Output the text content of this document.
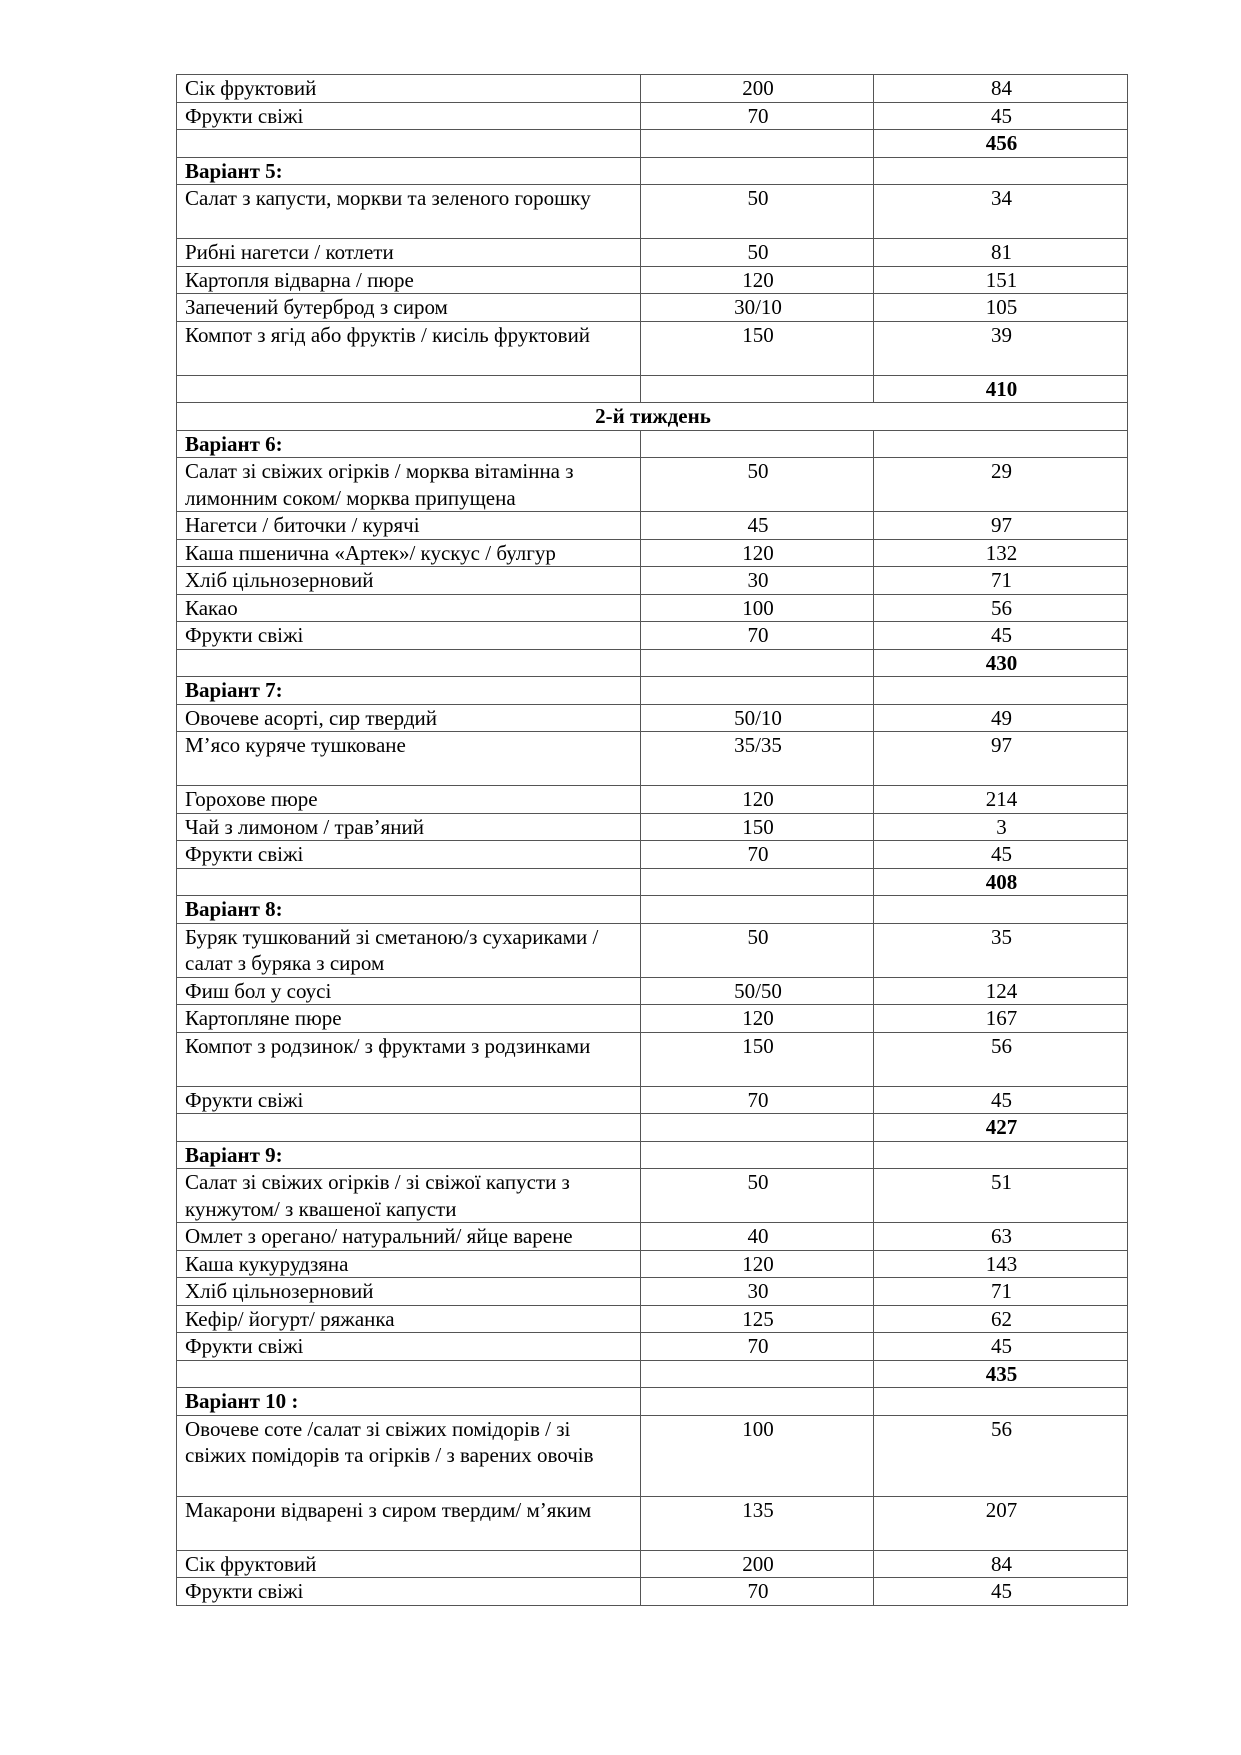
Сік фруктовий	200	84
Фрукти свіжі	70	45
		456
Варіант 5:		
Салат з капусти, моркви та зеленого горошку	50	34
Рибні нагетси / котлети	50	81
Картопля відварна / пюре	120	151
Запечений бутерброд з сиром	30/10	105
Компот з ягід або фруктів / кисіль фруктовий	150	39
		410
2-й тиждень		
Варіант 6:		
Салат зі свіжих огірків / морква вітамінна з лимонним соком/ морква припущена	50	29
Нагетси / биточки / курячі	45	97
Каша пшенична «Артек»/ кускус / булгур	120	132
Хліб цільнозерновий	30	71
Какао	100	56
Фрукти свіжі	70	45
		430
Варіант 7:		
Овочеве асорті, сир твердий	50/10	49
М’ясо куряче тушковане	35/35	97
Горохове пюре	120	214
Чай з лимоном / трав’яний	150	3
Фрукти свіжі	70	45
		408
Варіант 8:		
Буряк тушкований зі сметаною/з сухариками /салат з буряка з сиром	50	35
Фиш бол у соусі	50/50	124
Картопляне пюре	120	167
Компот з родзинок/ з фруктами з родзинками	150	56
Фрукти свіжі	70	45
		427
Варіант 9:		
Салат зі свіжих огірків / зі свіжої капусти з кунжутом/ з квашеної капусти	50	51
Омлет з орегано/ натуральний/ яйце варене	40	63
Каша кукурудзяна	120	143
Хліб цільнозерновий	30	71
Кефір/ йогурт/ ряжанка	125	62
Фрукти свіжі	70	45
		435
Варіант 10 :		
Овочеве соте /салат зі свіжих помідорів / зі свіжих помідорів та огірків / з варених овочів	100	56
Макарони відварені з сиром твердим/ м’яким	135	207
Сік фруктовий	200	84
Фрукти свіжі	70	45
